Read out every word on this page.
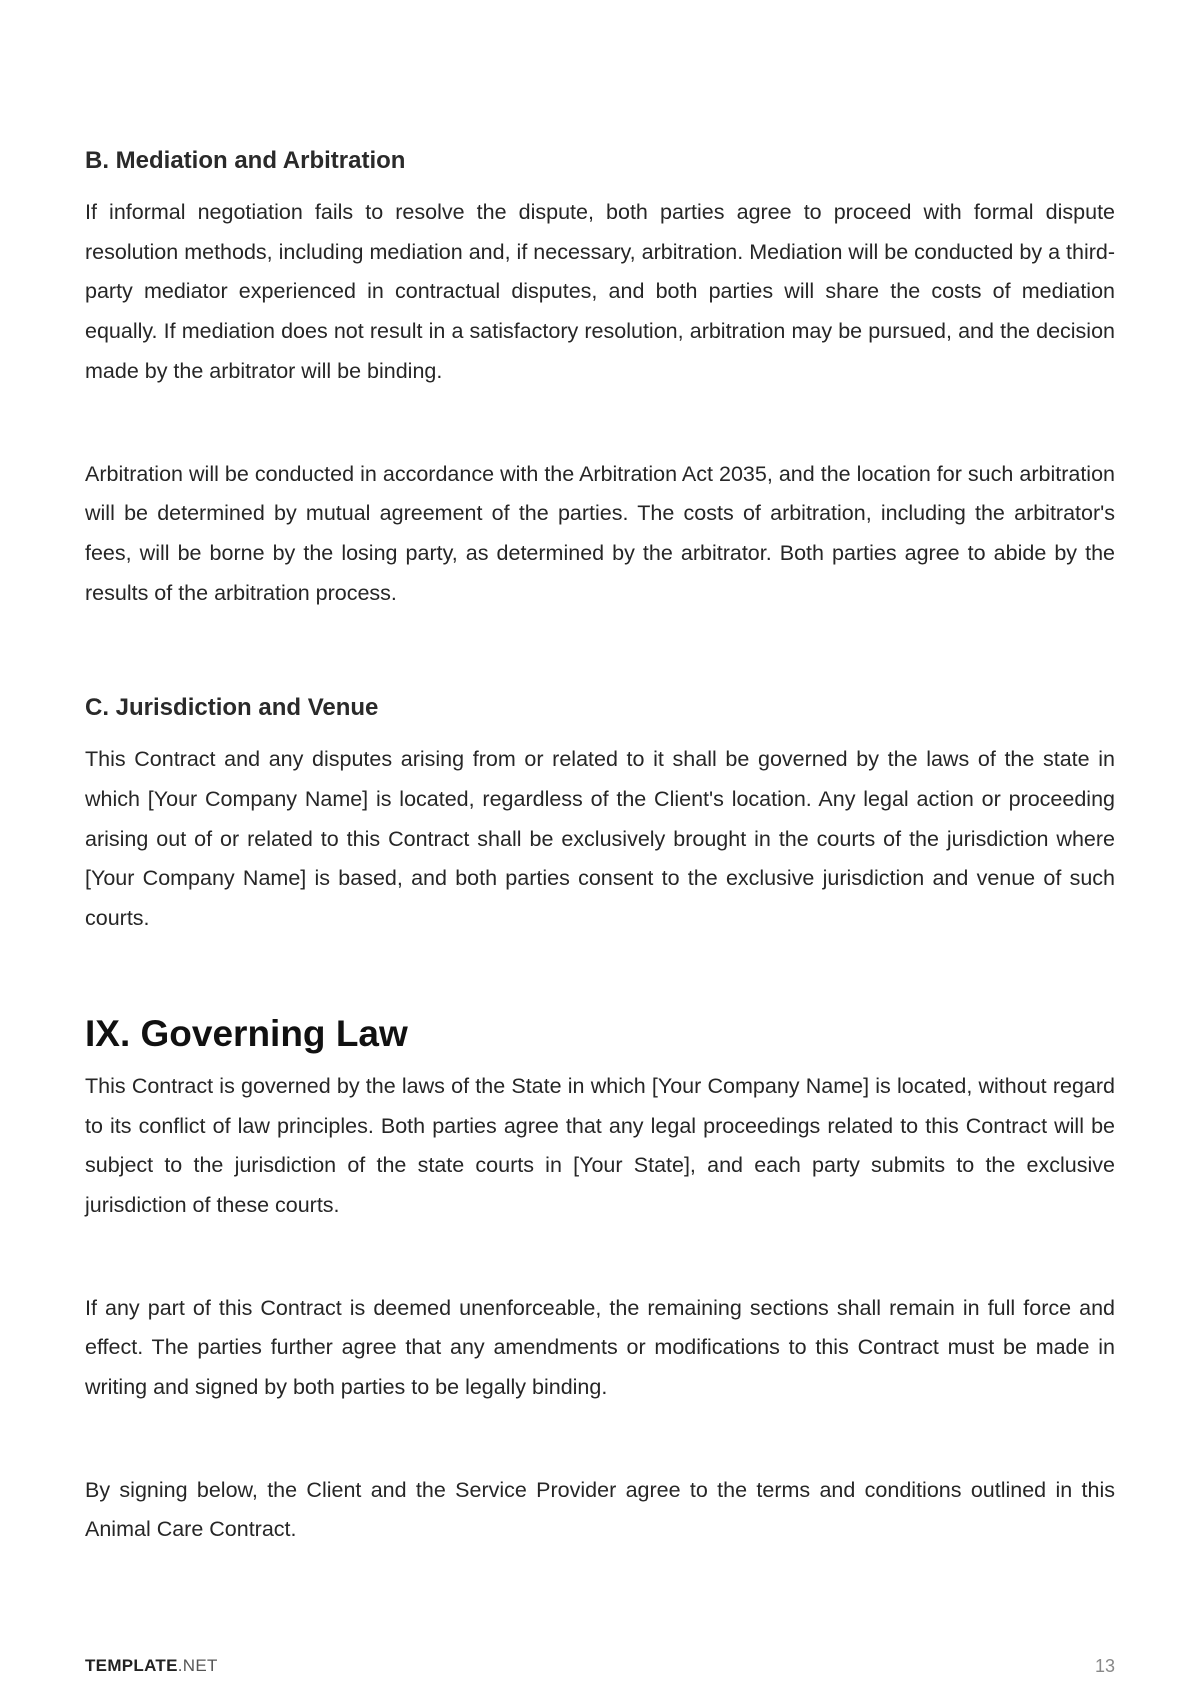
B. Mediation and Arbitration

If informal negotiation fails to resolve the dispute, both parties agree to proceed with formal dispute resolution methods, including mediation and, if necessary, arbitration. Mediation will be conducted by a third-party mediator experienced in contractual disputes, and both parties will share the costs of mediation equally. If mediation does not result in a satisfactory resolution, arbitration may be pursued, and the decision made by the arbitrator will be binding.

Arbitration will be conducted in accordance with the Arbitration Act 2035, and the location for such arbitration will be determined by mutual agreement of the parties. The costs of arbitration, including the arbitrator's fees, will be borne by the losing party, as determined by the arbitrator. Both parties agree to abide by the results of the arbitration process.

C. Jurisdiction and Venue

This Contract and any disputes arising from or related to it shall be governed by the laws of the state in which [Your Company Name] is located, regardless of the Client's location. Any legal action or proceeding arising out of or related to this Contract shall be exclusively brought in the courts of the jurisdiction where [Your Company Name] is based, and both parties consent to the exclusive jurisdiction and venue of such courts.

IX. Governing Law

This Contract is governed by the laws of the State in which [Your Company Name] is located, without regard to its conflict of law principles. Both parties agree that any legal proceedings related to this Contract will be subject to the jurisdiction of the state courts in [Your State], and each party submits to the exclusive jurisdiction of these courts.

If any part of this Contract is deemed unenforceable, the remaining sections shall remain in full force and effect. The parties further agree that any amendments or modifications to this Contract must be made in writing and signed by both parties to be legally binding.

By signing below, the Client and the Service Provider agree to the terms and conditions outlined in this Animal Care Contract.

TEMPLATE.NET	13
